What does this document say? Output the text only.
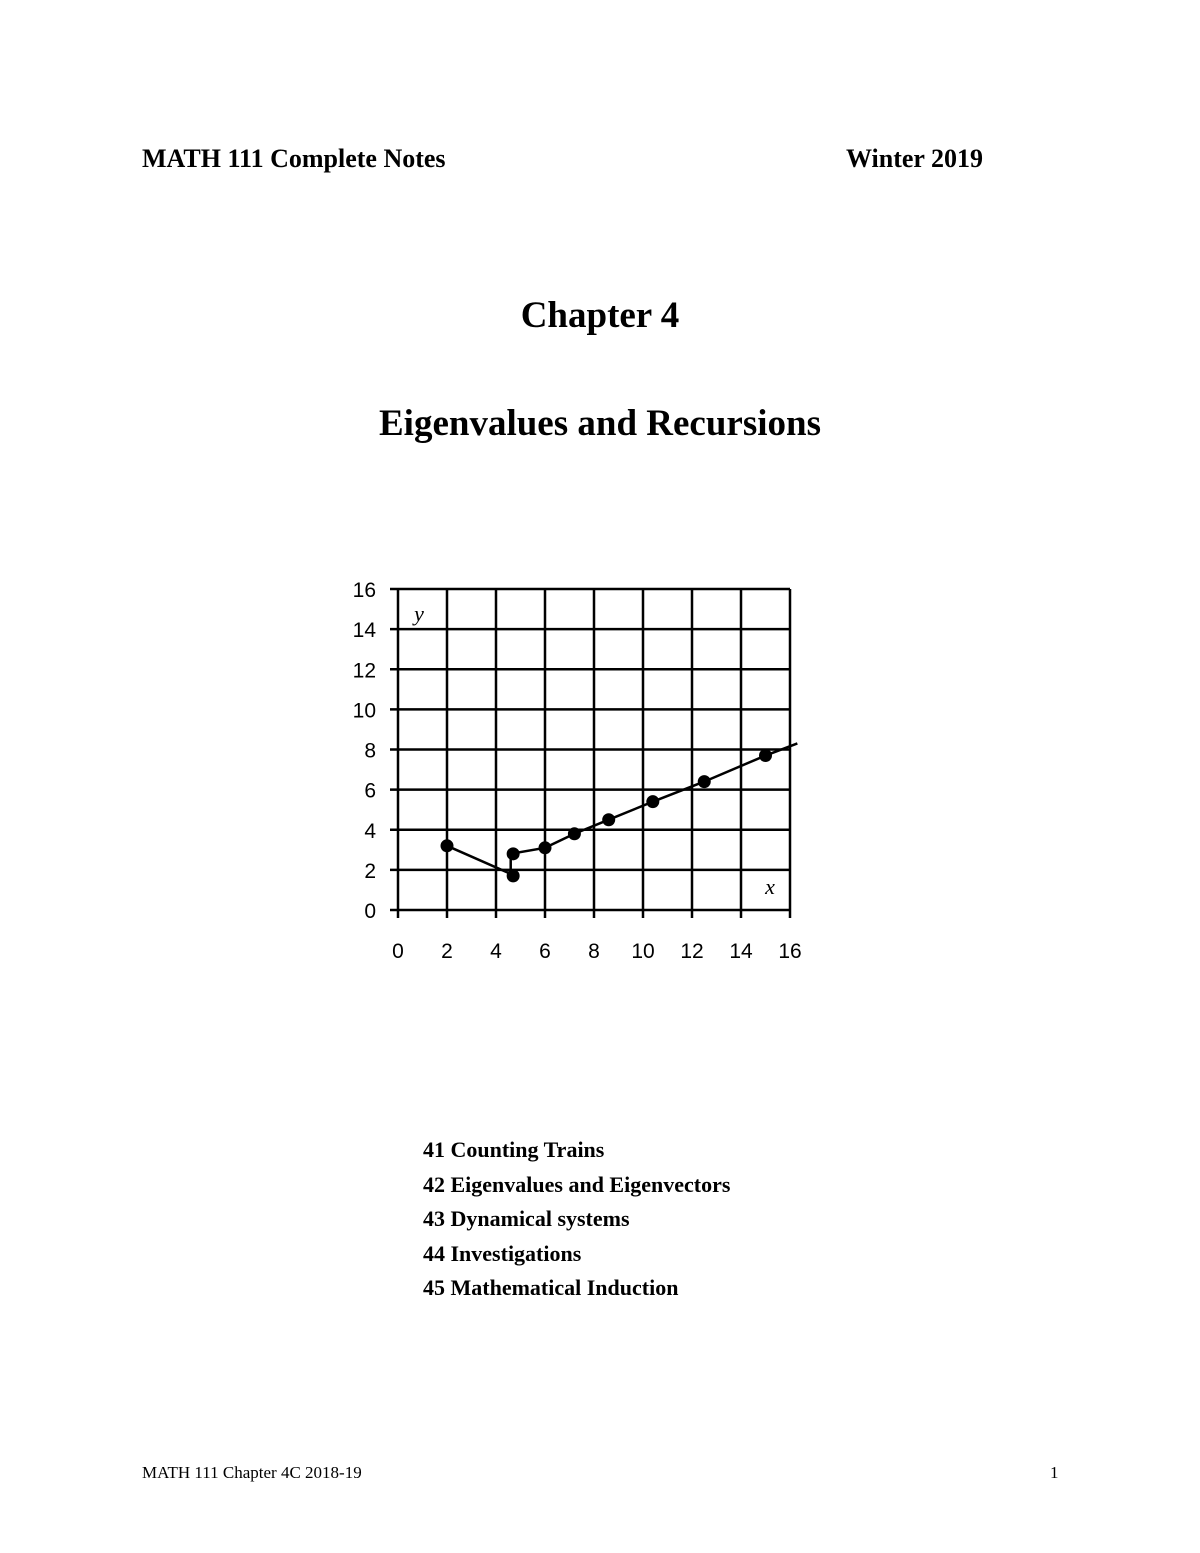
MATH 111 Complete Notes	Winter 2019
Chapter 4
Eigenvalues and Recursions
0 2 4 6 8 10 12 14 16
0
2
4
6
8
10
12
14
16
x
y
41 Counting Trains
42 Eigenvalues and Eigenvectors
43 Dynamical systems
44 Investigations
45 Mathematical Induction
MATH 111 Chapter 4C 2018-19	1
